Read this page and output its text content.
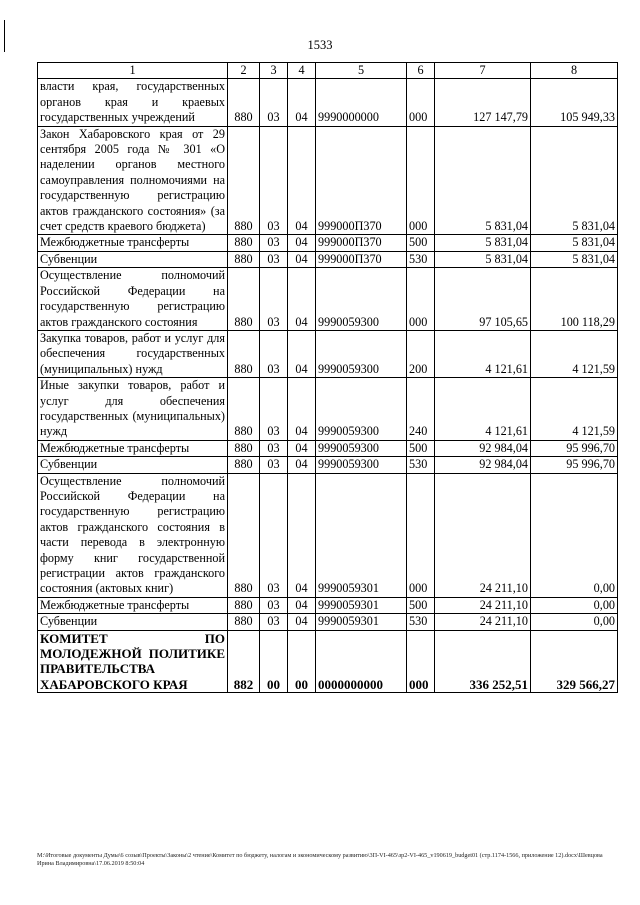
1533
1	2	3	4	5	6	7	8
власти края, государственных органов края и краевых государственных учреждений	880	03	04	9990000000	000	127 147,79	105 949,33
Закон Хабаровского края от 29 сентября 2005 года № 301 «О наделении органов местного самоуправления полномочиями на государственную регистрацию актов гражданского состояния» (за счет средств краевого бюджета)	880	03	04	999000П370	000	5 831,04	5 831,04
Межбюджетные трансферты	880	03	04	999000П370	500	5 831,04	5 831,04
Субвенции	880	03	04	999000П370	530	5 831,04	5 831,04
Осуществление полномочий Российской Федерации на государственную регистрацию актов гражданского состояния	880	03	04	9990059300	000	97 105,65	100 118,29
Закупка товаров, работ и услуг для обеспечения государственных (муниципальных) нужд	880	03	04	9990059300	200	4 121,61	4 121,59
Иные закупки товаров, работ и услуг для обеспечения государственных (муниципальных) нужд	880	03	04	9990059300	240	4 121,61	4 121,59
Межбюджетные трансферты	880	03	04	9990059300	500	92 984,04	95 996,70
Субвенции	880	03	04	9990059300	530	92 984,04	95 996,70
Осуществление полномочий Российской Федерации на государственную регистрацию актов гражданского состояния в части перевода в электронную форму книг государственной регистрации актов гражданского состояния (актовых книг)	880	03	04	9990059301	000	24 211,10	0,00
Межбюджетные трансферты	880	03	04	9990059301	500	24 211,10	0,00
Субвенции	880	03	04	9990059301	530	24 211,10	0,00
КОМИТЕТ ПО МОЛОДЕЖНОЙ ПОЛИТИКЕ ПРАВИТЕЛЬСТВА ХАБАРОВСКОГО КРАЯ	882	00	00	0000000000	000	336 252,51	329 566,27
M:\Итоговые документы Думы\6 созыв\Проекты\Законы\2 чтение\Комитет по бюджету, налогам и экономическому развитию\3П-VI-465\зр2-VI-465_v190619_budget01 (стр.1174-1566, приложение 12).docx\Шевцова Ирина Владимировна\17.06.2019 8:50:04
